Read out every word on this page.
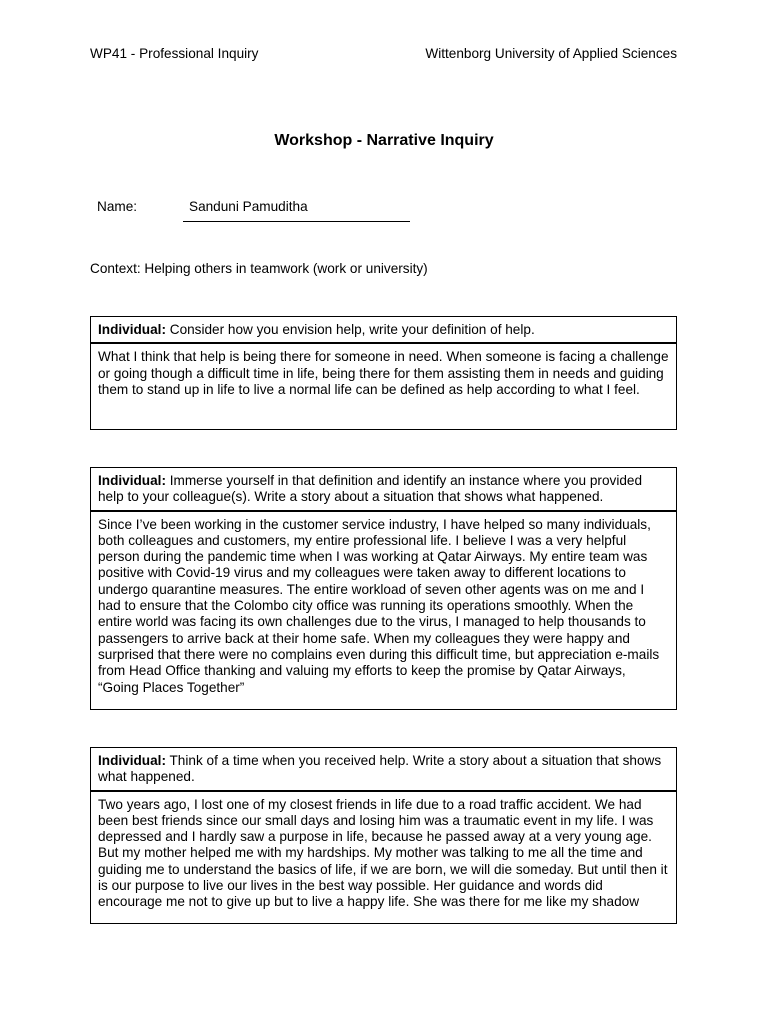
WP41 - Professional Inquiry	Wittenborg University of Applied Sciences
Workshop - Narrative Inquiry
Name:	Sanduni Pamuditha
Context: Helping others in teamwork (work or university)
Individual: Consider how you envision help, write your definition of help.
What I think that help is being there for someone in need. When someone is facing a challenge or going though a difficult time in life, being there for them assisting them in needs and guiding them to stand up in life to live a normal life can be defined as help according to what I feel.
Individual: Immerse yourself in that definition and identify an instance where you provided help to your colleague(s). Write a story about a situation that shows what happened.
Since I’ve been working in the customer service industry, I have helped so many individuals, both colleagues and customers, my entire professional life. I believe I was a very helpful person during the pandemic time when I was working at Qatar Airways. My entire team was positive with Covid-19 virus and my colleagues were taken away to different locations to undergo quarantine measures. The entire workload of seven other agents was on me and I had to ensure that the Colombo city office was running its operations smoothly. When the entire world was facing its own challenges due to the virus, I managed to help thousands to passengers to arrive back at their home safe. When my colleagues they were happy and surprised that there were no complains even during this difficult time, but appreciation e-mails from Head Office thanking and valuing my efforts to keep the promise by Qatar Airways, “Going Places Together”
Individual: Think of a time when you received help. Write a story about a situation that shows what happened.
Two years ago, I lost one of my closest friends in life due to a road traffic accident. We had been best friends since our small days and losing him was a traumatic event in my life. I was depressed and I hardly saw a purpose in life, because he passed away at a very young age. But my mother helped me with my hardships. My mother was talking to me all the time and guiding me to understand the basics of life, if we are born, we will die someday. But until then it is our purpose to live our lives in the best way possible. Her guidance and words did encourage me not to give up but to live a happy life. She was there for me like my shadow
